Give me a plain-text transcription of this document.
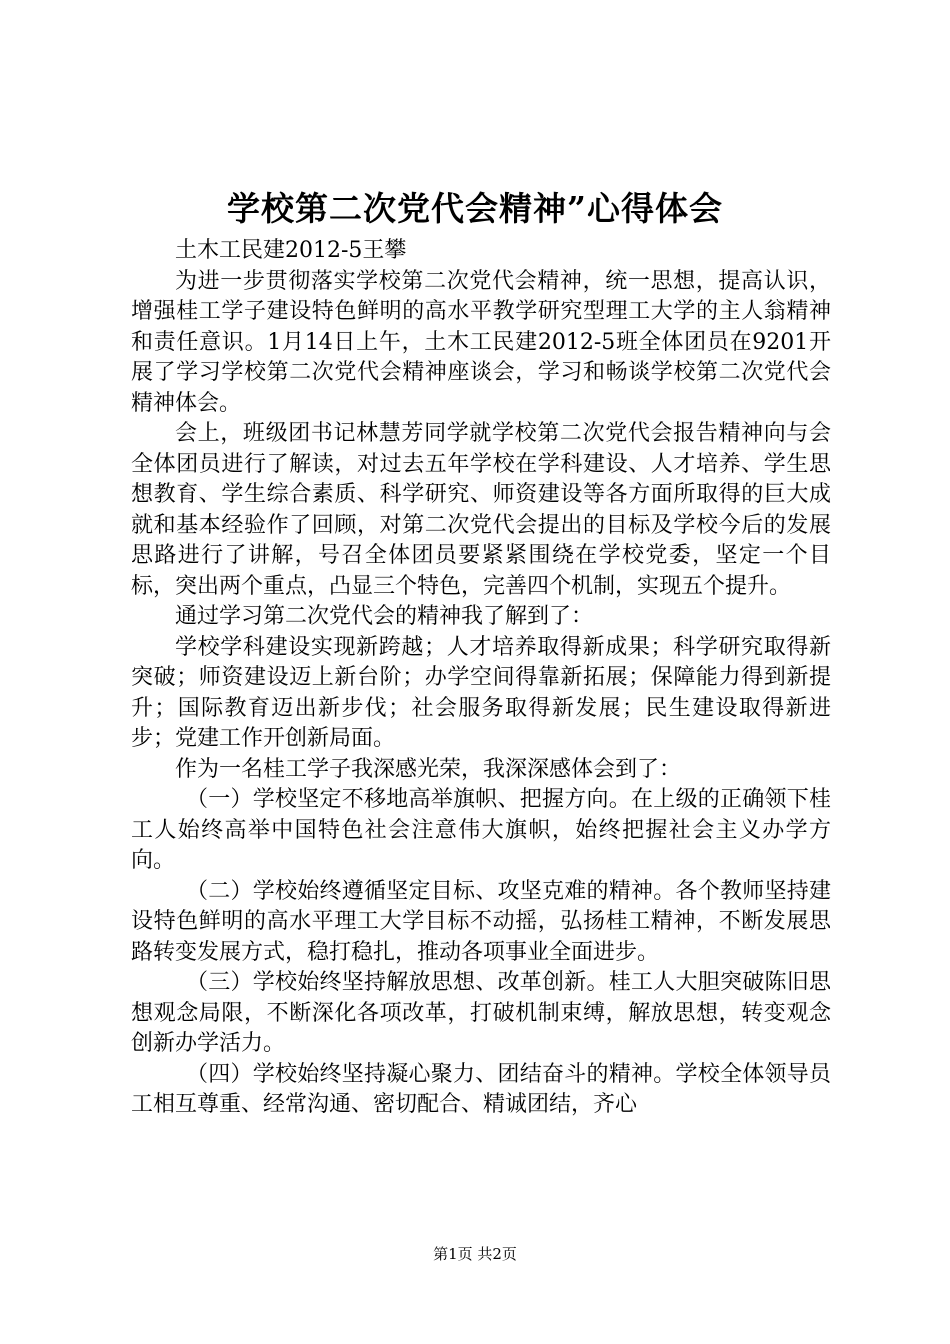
学校第二次党代会精神”心得体会

土木工民建2012-5王攀

为进一步贯彻落实学校第二次党代会精神，统一思想，提高认识，增强桂工学子建设特色鲜明的高水平教学研究型理工大学的主人翁精神和责任意识。1月14日上午，土木工民建2012-5班全体团员在9201开展了学习学校第二次党代会精神座谈会，学习和畅谈学校第二次党代会精神体会。

会上，班级团书记林慧芳同学就学校第二次党代会报告精神向与会全体团员进行了解读，对过去五年学校在学科建设、人才培养、学生思想教育、学生综合素质、科学研究、师资建设等各方面所取得的巨大成就和基本经验作了回顾，对第二次党代会提出的目标及学校今后的发展思路进行了讲解，号召全体团员要紧紧围绕在学校党委，坚定一个目标，突出两个重点，凸显三个特色，完善四个机制，实现五个提升。

通过学习第二次党代会的精神我了解到了：

学校学科建设实现新跨越；人才培养取得新成果；科学研究取得新突破；师资建设迈上新台阶；办学空间得靠新拓展；保障能力得到新提升；国际教育迈出新步伐；社会服务取得新发展；民生建设取得新进步；党建工作开创新局面。

作为一名桂工学子我深感光荣，我深深感体会到了：

（一）学校坚定不移地高举旗帜、把握方向。在上级的正确领下桂工人始终高举中国特色社会注意伟大旗帜，始终把握社会主义办学方向。

（二）学校始终遵循坚定目标、攻坚克难的精神。各个教师坚持建设特色鲜明的高水平理工大学目标不动摇，弘扬桂工精神，不断发展思路转变发展方式，稳打稳扎，推动各项事业全面进步。

（三）学校始终坚持解放思想、改革创新。桂工人大胆突破陈旧思想观念局限，不断深化各项改革，打破机制束缚，解放思想，转变观念创新办学活力。

（四）学校始终坚持凝心聚力、团结奋斗的精神。学校全体领导员工相互尊重、经常沟通、密切配合、精诚团结，齐心

第1页 共2页
